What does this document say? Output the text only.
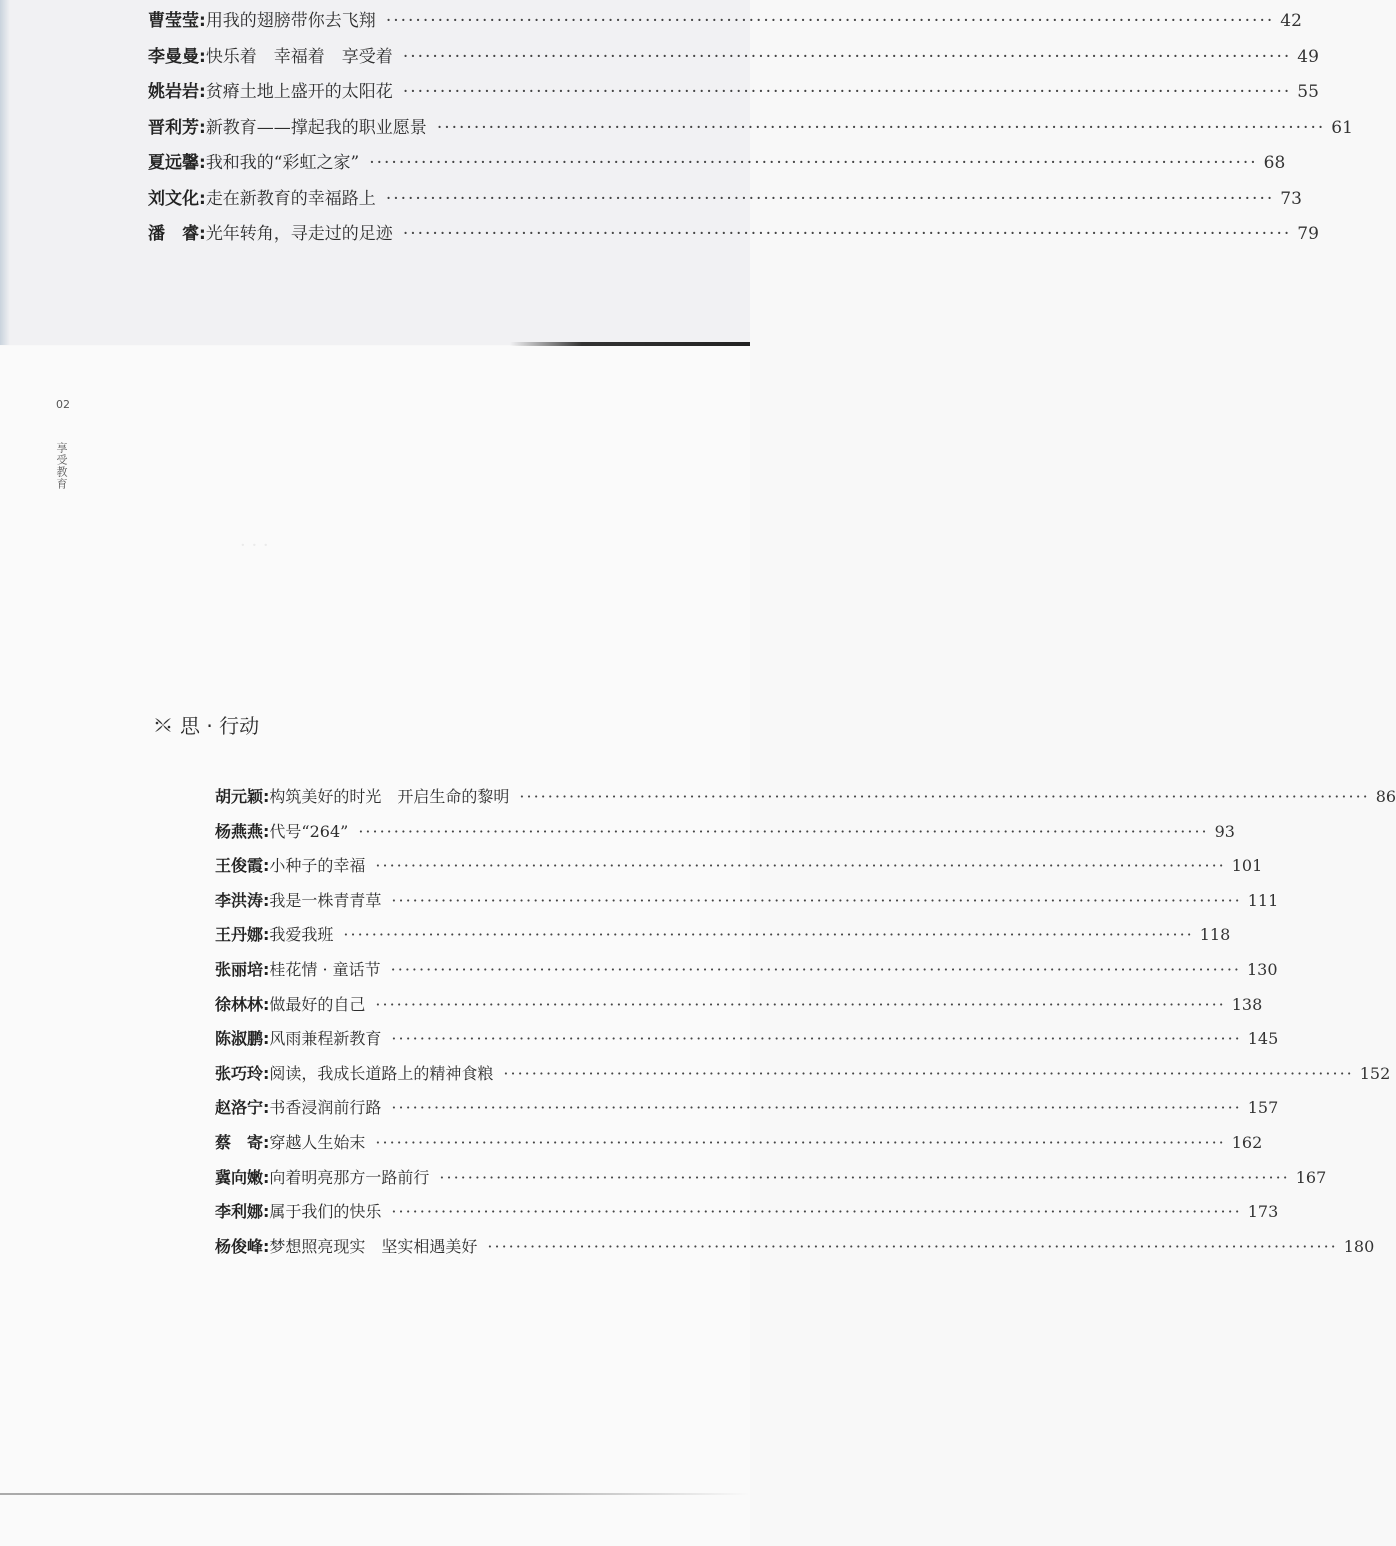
曹莹莹: 用我的翅膀带你去飞翔 ························································································································ 42
李曼曼: 快乐着　幸福着　享受着 ························································································································ 49
姚岩岩: 贫瘠土地上盛开的太阳花 ························································································································ 55
晋利芳: 新教育——撑起我的职业愿景 ························································································································ 61
夏远馨: 我和我的“彩虹之家” ························································································································ 68
刘文化: 走在新教育的幸福路上 ························································································································ 73
潘　睿: 光年转角，寻走过的足迹 ························································································································ 79
02
享受教育
· · ·
思 · 行动
胡元颖: 构筑美好的时光　开启生命的黎明 ························································································································ 86
杨燕燕: 代号“264” ························································································································ 93
王俊霞: 小种子的幸福 ························································································································ 101
李洪涛: 我是一株青青草 ························································································································ 111
王丹娜: 我爱我班 ························································································································ 118
张丽培: 桂花情 · 童话节 ························································································································ 130
徐林林: 做最好的自己 ························································································································ 138
陈淑鹏: 风雨兼程新教育 ························································································································ 145
张巧玲: 阅读，我成长道路上的精神食粮 ························································································································ 152
赵洛宁: 书香浸润前行路 ························································································································ 157
蔡　寄: 穿越人生始末 ························································································································ 162
冀向嫩: 向着明亮那方一路前行 ························································································································ 167
李利娜: 属于我们的快乐 ························································································································ 173
杨俊峰: 梦想照亮现实　坚实相遇美好 ························································································································ 180
